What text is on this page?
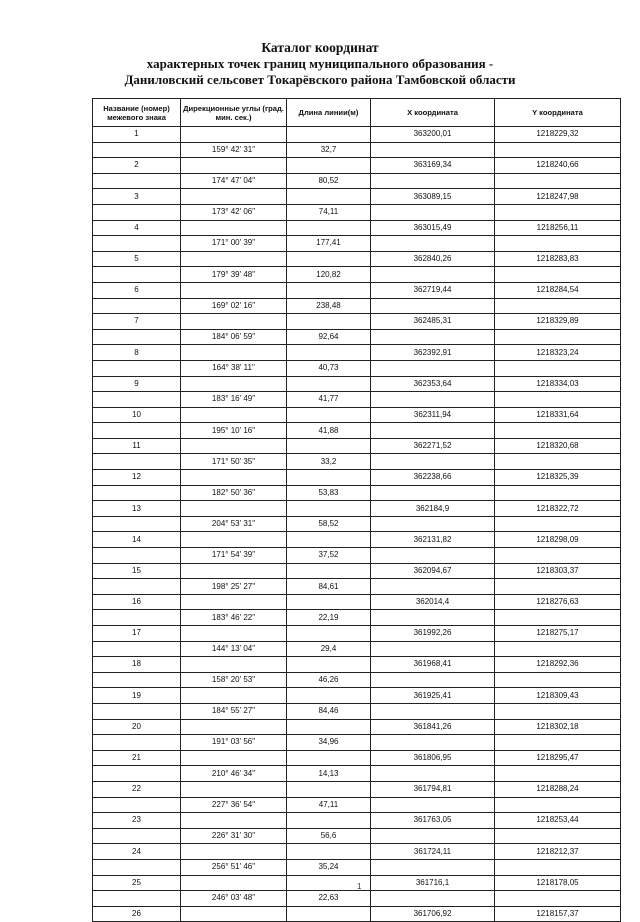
Каталог координат
характерных точек границ муниципального образования -
Даниловский сельсовет Токарёвского района Тамбовской области
Название (номер) межевого знака	Дирекционные углы (град. мин. сек.)	Длина линии(м)	X координата	Y координата
1			363200,01	1218229,32
	159° 42' 31"	32,7		
2			363169,34	1218240,66
	174° 47' 04"	80,52		
3			363089,15	1218247,98
	173° 42' 06"	74,11		
4			363015,49	1218256,11
	171° 00' 39"	177,41		
5			362840,26	1218283,83
	179° 39' 48"	120,82		
6			362719,44	1218284,54
	169° 02' 16"	238,48		
7			362485,31	1218329,89
	184° 06' 59"	92,64		
8			362392,91	1218323,24
	164° 38' 11"	40,73		
9			362353,64	1218334,03
	183° 16' 49"	41,77		
10			362311,94	1218331,64
	195° 10' 16"	41,88		
11			362271,52	1218320,68
	171° 50' 35"	33,2		
12			362238,66	1218325,39
	182° 50' 36"	53,83		
13			362184,9	1218322,72
	204° 53' 31"	58,52		
14			362131,82	1218298,09
	171° 54' 39"	37,52		
15			362094,67	1218303,37
	198° 25' 27"	84,61		
16			362014,4	1218276,63
	183° 46' 22"	22,19		
17			361992,26	1218275,17
	144° 13' 04"	29,4		
18			361968,41	1218292,36
	158° 20' 53"	46,26		
19			361925,41	1218309,43
	184° 55' 27"	84,46		
20			361841,26	1218302,18
	191° 03' 56"	34,96		
21			361806,95	1218295,47
	210° 46' 34"	14,13		
22			361794,81	1218288,24
	227° 36' 54"	47,11		
23			361763,05	1218253,44
	226° 31' 30"	56,6		
24			361724,11	1218212,37
	256° 51' 46"	35,24		
25			361716,1	1218178,05
	246° 03' 48"	22,63		
26			361706,92	1218157,37
1
